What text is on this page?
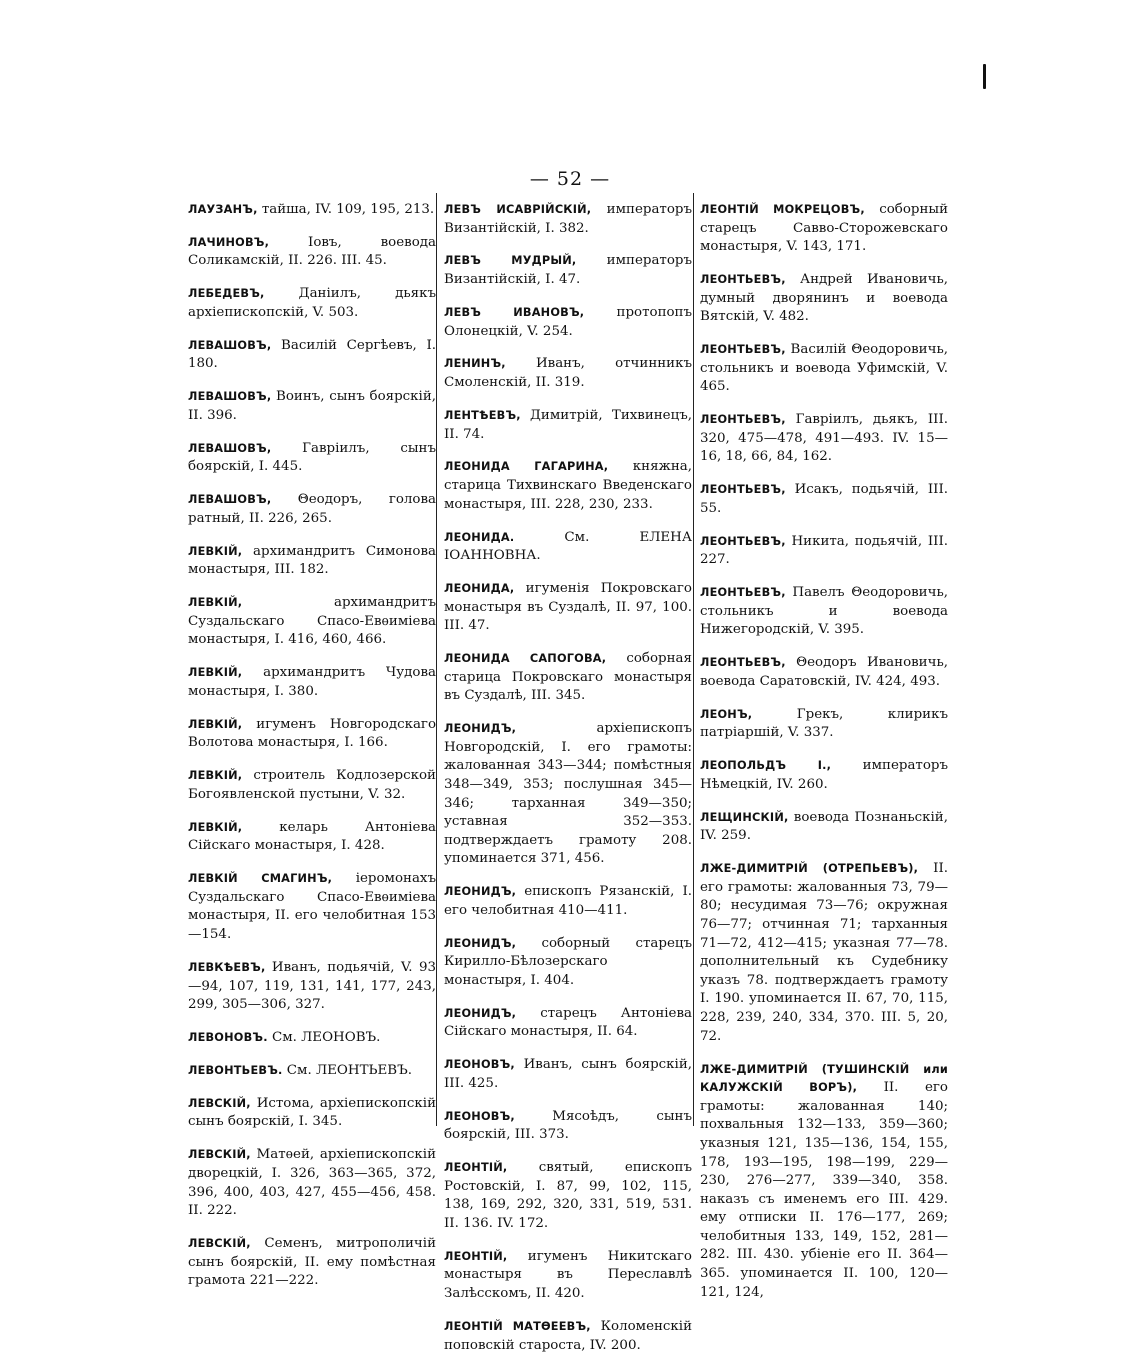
— 52 —

ЛАУЗАНЪ, тайша, IV. 109, 195, 213.

ЛАЧИНОВЪ, Іовъ, воевода Соликамскій, II. 226. III. 45.

ЛЕБЕДЕВЪ, Даніилъ, дьякъ архіепископскій, V. 503.

ЛЕВАШОВЪ, Василій Сергѣевъ, I. 180.

ЛЕВАШОВЪ, Воинъ, сынъ боярскій, II. 396.

ЛЕВАШОВЪ, Гавріилъ, сынъ боярскій, I. 445.

ЛЕВАШОВЪ, Θеодоръ, голова ратный, II. 226, 265.

ЛЕВКІЙ, архимандритъ Симонова монастыря, III. 182.

ЛЕВКІЙ, архимандритъ Суздальскаго Спасо-Евѳиміева монастыря, I. 416, 460, 466.

ЛЕВКІЙ, архимандритъ Чудова монастыря, I. 380.

ЛЕВКІЙ, игуменъ Новгородскаго Волотова монастыря, I. 166.

ЛЕВКІЙ, строитель Кодлозерской Богоявленской пустыни, V. 32.

ЛЕВКІЙ, келарь Антоніева Сійскаго монастыря, I. 428.

ЛЕВКІЙ СМАГИНЪ, іеромонахъ Суздальскаго Спасо-Евѳиміева монастыря, II. его челобитная 153—154.

ЛЕВКѢЕВЪ, Иванъ, подьячій, V. 93—94, 107, 119, 131, 141, 177, 243, 299, 305—306, 327.

ЛЕВОНОВЪ. См. ЛЕОНОВЪ.

ЛЕВОНТЬЕВЪ. См. ЛЕОНТЬЕВЪ.

ЛЕВСКІЙ, Истома, архіепископскій сынъ боярскій, I. 345.

ЛЕВСКІЙ, Матѳей, архіепископскій дворецкій, I. 326, 363—365, 372, 396, 400, 403, 427, 455—456, 458. II. 222.

ЛЕВСКІЙ, Семенъ, митрополичій сынъ боярскій, II. ему помѣстная грамота 221—222.

ЛЕВЪ ИСАВРІЙСКІЙ, императоръ Византійскій, I. 382.

ЛЕВЪ МУДРЫЙ, императоръ Византійскій, I. 47.

ЛЕВЪ ИВАНОВЪ, протопопъ Олонецкій, V. 254.

ЛЕНИНЪ, Иванъ, отчинникъ Смоленскій, II. 319.

ЛЕНТѢЕВЪ, Димитрій, Тихвинецъ, II. 74.

ЛЕОНИДА ГАГАРИНА, княжна, старица Тихвинскаго Введенскаго монастыря, III. 228, 230, 233.

ЛЕОНИДА. См. ЕЛЕНА ІОАННОВНА.

ЛЕОНИДА, игуменія Покровскаго монастыря въ Суздалѣ, II. 97, 100. III. 47.

ЛЕОНИДА САПОГОВА, соборная старица Покровскаго монастыря въ Суздалѣ, III. 345.

ЛЕОНИДЪ, архіепископъ Новгородскій, I. его грамоты: жалованная 343—344; помѣстныя 348—349, 353; послушная 345—346; тарханная 349—350; уставная 352—353. подтверждаетъ грамоту 208. упоминается 371, 456.

ЛЕОНИДЪ, епископъ Рязанскій, I. его челобитная 410—411.

ЛЕОНИДЪ, соборный старецъ Кирилло-Бѣлозерскаго монастыря, I. 404.

ЛЕОНИДЪ, старецъ Антоніева Сійскаго монастыря, II. 64.

ЛЕОНОВЪ, Иванъ, сынъ боярскій, III. 425.

ЛЕОНОВЪ, Мясоѣдъ, сынъ боярскій, III. 373.

ЛЕОНТІЙ, святый, епископъ Ростовскій, I. 87, 99, 102, 115, 138, 169, 292, 320, 331, 519, 531. II. 136. IV. 172.

ЛЕОНТІЙ, игуменъ Никитскаго монастыря въ Переславлѣ Залѣсскомъ, II. 420.

ЛЕОНТІЙ МАТѲЕЕВЪ, Коломенскій поповскій староста, IV. 200.

ЛЕОНТІЙ МОКРЕЦОВЪ, соборный старецъ Савво-Сторожевскаго монастыря, V. 143, 171.

ЛЕОНТЬЕВЪ, Андрей Ивановичь, думный дворянинъ и воевода Вятскій, V. 482.

ЛЕОНТЬЕВЪ, Василій Θеодоровичь, стольникъ и воевода Уфимскій, V. 465.

ЛЕОНТЬЕВЪ, Гавріилъ, дьякъ, III. 320, 475—478, 491—493. IV. 15—16, 18, 66, 84, 162.

ЛЕОНТЬЕВЪ, Исакъ, подьячій, III. 55.

ЛЕОНТЬЕВЪ, Никита, подьячій, III. 227.

ЛЕОНТЬЕВЪ, Павелъ Θеодоровичь, стольникъ и воевода Нижегородскій, V. 395.

ЛЕОНТЬЕВЪ, Θеодоръ Ивановичь, воевода Саратовскій, IV. 424, 493.

ЛЕОНЪ, Грекъ, клирикъ патріаршій, V. 337.

ЛЕОПОЛЬДЪ I., императоръ Нѣмецкій, IV. 260.

ЛЕЩИНСКІЙ, воевода Познаньскій, IV. 259.

ЛЖЕ-ДИМИТРІЙ (ОТРЕПЬЕВЪ), II. его грамоты: жалованныя 73, 79—80; несудимая 73—76; окружная 76—77; отчинная 71; тарханныя 71—72, 412—415; указная 77—78. дополнительный къ Судебнику указъ 78. подтверждаетъ грамоту I. 190. упоминается II. 67, 70, 115, 228, 239, 240, 334, 370. III. 5, 20, 72.

ЛЖЕ-ДИМИТРІЙ (ТУШИНСКІЙ или КАЛУЖСКІЙ ВОРЪ), II. его грамоты: жалованная 140; похвальныя 132—133, 359—360; указныя 121, 135—136, 154, 155, 178, 193—195, 198—199, 229—230, 276—277, 339—340, 358. наказъ съ именемъ его III. 429. ему отписки II. 176—177, 269; челобитныя 133, 149, 152, 281—282. III. 430. убіеніе его II. 364—365. упоминается II. 100, 120—121, 124,
